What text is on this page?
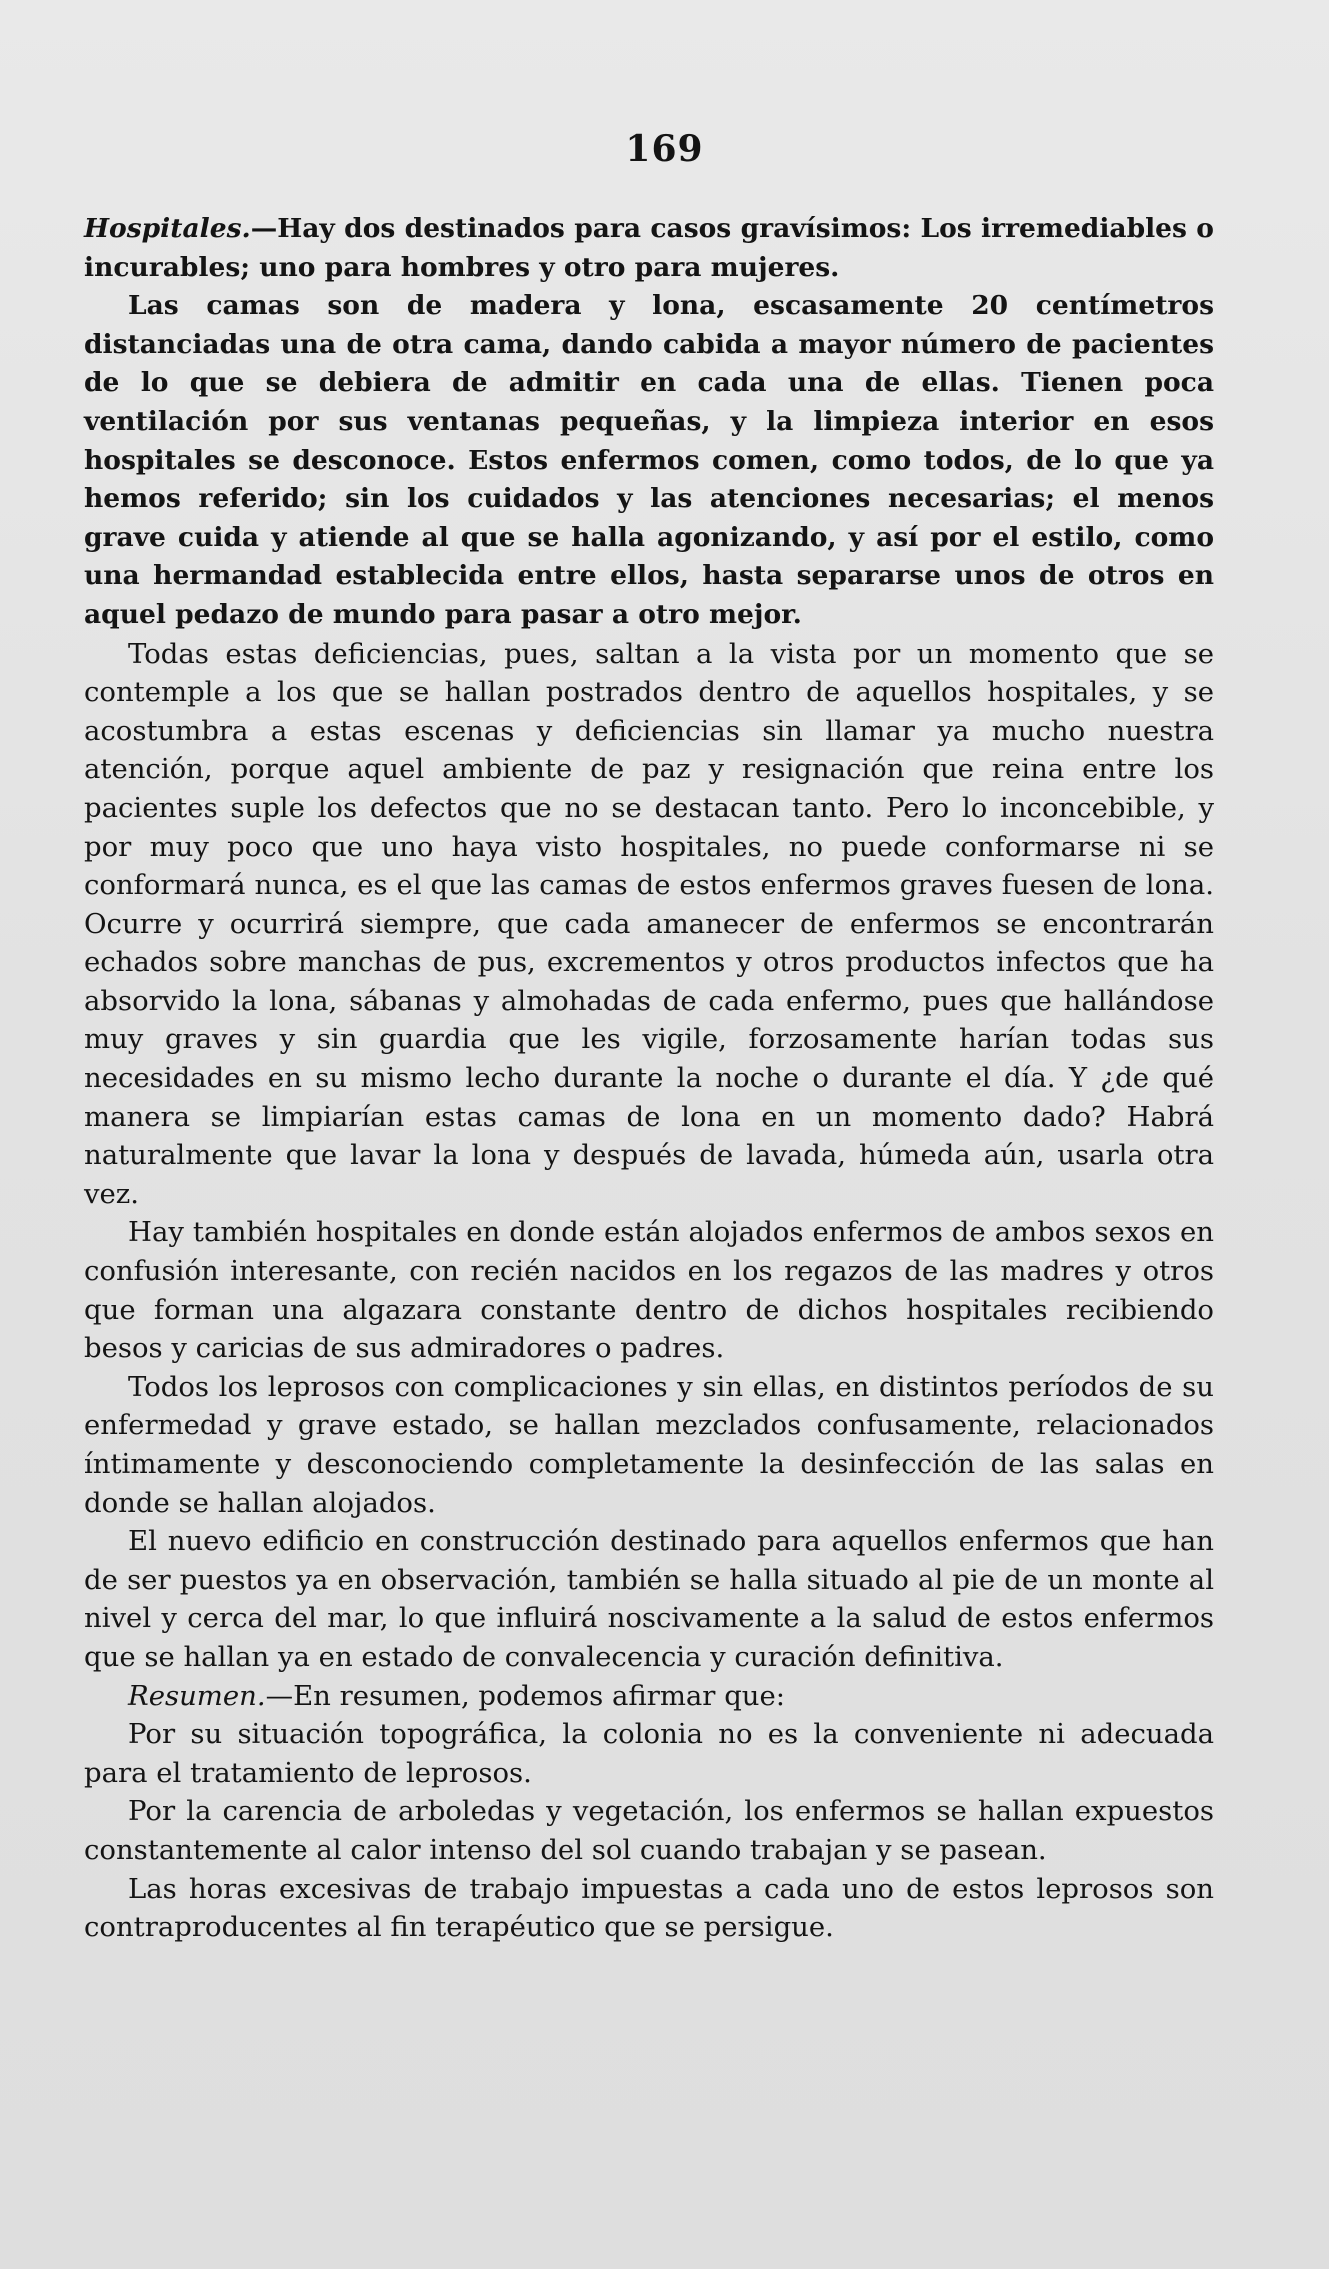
169

Hospitales.—Hay dos destinados para casos gravísimos: Los irremediables o incurables; uno para hombres y otro para mujeres.

Las camas son de madera y lona, escasamente 20 centímetros distanciadas una de otra cama, dando cabida a mayor número de pacientes de lo que se debiera de admitir en cada una de ellas. Tienen poca ventilación por sus ventanas pequeñas, y la limpieza interior en esos hospitales se desconoce. Estos enfermos comen, como todos, de lo que ya hemos referido; sin los cuidados y las atenciones necesarias; el menos grave cuida y atiende al que se halla agonizando, y así por el estilo, como una hermandad establecida entre ellos, hasta separarse unos de otros en aquel pedazo de mundo para pasar a otro mejor.

Todas estas deficiencias, pues, saltan a la vista por un momento que se contemple a los que se hallan postrados dentro de aquellos hospitales, y se acostumbra a estas escenas y deficiencias sin llamar ya mucho nuestra atención, porque aquel ambiente de paz y resignación que reina entre los pacientes suple los defectos que no se destacan tanto. Pero lo inconcebible, y por muy poco que uno haya visto hospitales, no puede conformarse ni se conformará nunca, es el que las camas de estos enfermos graves fuesen de lona. Ocurre y ocurrirá siempre, que cada amanecer de enfermos se encontrarán echados sobre manchas de pus, excrementos y otros productos infectos que ha absorvido la lona, sábanas y almohadas de cada enfermo, pues que hallándose muy graves y sin guardia que les vigile, forzosamente harían todas sus necesidades en su mismo lecho durante la noche o durante el día. Y ¿de qué manera se limpiarían estas camas de lona en un momento dado? Habrá naturalmente que lavar la lona y después de lavada, húmeda aún, usarla otra vez.

Hay también hospitales en donde están alojados enfermos de ambos sexos en confusión interesante, con recién nacidos en los regazos de las madres y otros que forman una algazara constante dentro de dichos hospitales recibiendo besos y caricias de sus admiradores o padres.

Todos los leprosos con complicaciones y sin ellas, en distintos períodos de su enfermedad y grave estado, se hallan mezclados confusamente, relacionados íntimamente y desconociendo completamente la desinfección de las salas en donde se hallan alojados.

El nuevo edificio en construcción destinado para aquellos enfermos que han de ser puestos ya en observación, también se halla situado al pie de un monte al nivel y cerca del mar, lo que influirá noscivamente a la salud de estos enfermos que se hallan ya en estado de convalecencia y curación definitiva.

Resumen.—En resumen, podemos afirmar que:

Por su situación topográfica, la colonia no es la conveniente ni adecuada para el tratamiento de leprosos.

Por la carencia de arboledas y vegetación, los enfermos se hallan expuestos constantemente al calor intenso del sol cuando trabajan y se pasean.

Las horas excesivas de trabajo impuestas a cada uno de estos leprosos son contraproducentes al fin terapéutico que se persigue.
